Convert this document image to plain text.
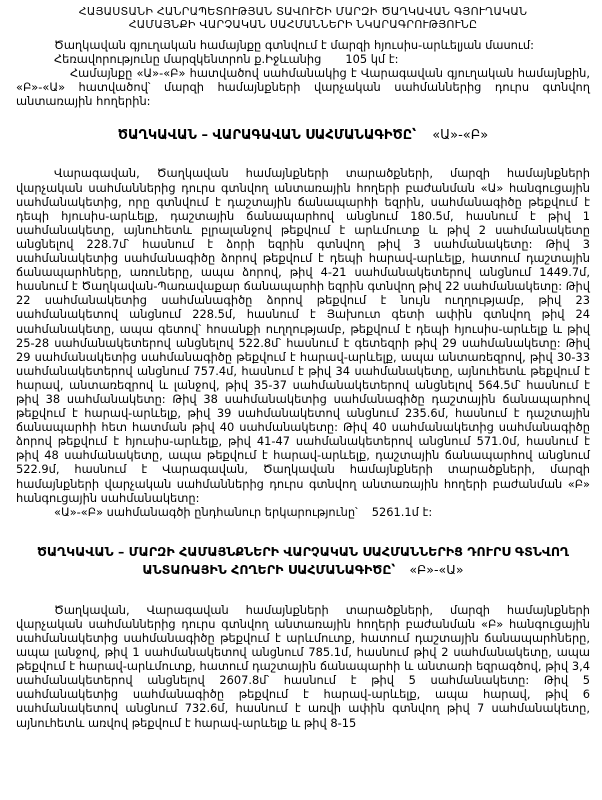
ՀԱՅԱՍՏԱՆԻ ՀԱՆՐԱՊԵՏՈՒԹՅԱՆ ՏԱՎՈՒՇԻ ՄԱՐԶԻ ԾԱՂԿԱՎԱՆ ԳՅՈՒՂԱԿԱՆ
ՀԱՄԱՅՆՔԻ ՎԱՐՉԱԿԱՆ ՍԱՀՄԱՆՆԵՐԻ ՆԿԱՐԱԳՐՈՒԹՅՈՒՆԸ

Ծաղկավան գյուղական համայնքը գտնվում է մարզի հյուսիս-արևելյան մասում:

Հեռավորությունը մարզկենտրոն ք.Իջևանից 105 կմ է:

Համայնքը «Ա»-«Բ» հատվածով սահմանակից է Վարագավան գյուղական համայնքին, «Բ»-«Ա» հատվածով՝ մարզի համայնքների վարչական սահմաններից դուրս գտնվող անտառային հողերին:

ԾԱՂԿԱՎԱՆ – ՎԱՐԱԳԱՎԱՆ ՍԱՀՄԱՆԱԳԻԾԸ՝ «Ա»-«Բ»

Վարագավան, Ծաղկավան համայնքների տարածքների, մարզի համայնքների վարչական սահմաններից դուրս գտնվող անտառային հողերի բաժանման «Ա» հանգուցային սահմանակետից, որը գտնվում է դաշտային ճանապարհի եզրին, սահմանագիծը թեքվում է դեպի հյուսիս-արևելք, դաշտային ճանապարհով անցնում 180.5մ, հասնում է թիվ 1 սահմանակետը, այնուհետև բլրալանջով թեքվում է արևմուտք և թիվ 2 սահմանակետը անցնելով 228.7մ՝ հասնում է ձորի եզրին գտնվող թիվ 3 սահմանակետը: Թիվ 3 սահմանակետից սահմանագիծը ձորով թեքվում է դեպի հարավ-արևելք, հատում դաշտային ճանապարհները, առուները, ապա ձորով, թիվ 4-21 սահմանակետերով անցնում 1449.7մ, հասնում է Ծաղկավան-Պառավաքար ճանապարհի եզրին գտնվող թիվ 22 սահմանակետը: Թիվ 22 սահմանակետից սահմանագիծը ձորով թեքվում է նույն ուղղությամբ, թիվ 23 սահմանակետով անցնում 228.5մ, հասնում է Յախուտ գետի ափին գտնվող թիվ 24 սահմանակետը, ապա գետով՝ հոսանքի ուղղությամբ, թեքվում է դեպի հյուսիս-արևելք և թիվ 25-28 սահմանակետերով անցնելով 522.8մ՝ հասնում է գետեզրի թիվ 29 սահմանակետը: Թիվ 29 սահմանակետից սահմանագիծը թեքվում է հարավ-արևելք, ապա անտառեզրով, թիվ 30-33 սահմանակետերով անցնում 757.4մ, հասնում է թիվ 34 սահմանակետը, այնուհետև թեքվում է հարավ, անտառեզրով և լանջով, թիվ 35-37 սահմանակետերով անցնելով 564.5մ՝ հասնում է թիվ 38 սահմանակետը: Թիվ 38 սահմանակետից սահմանագիծը դաշտային ճանապարհով թեքվում է հարավ-արևելք, թիվ 39 սահմանակետով անցնում 235.6մ, հասնում է դաշտային ճանապարհի հետ հատման թիվ 40 սահմանակետը: Թիվ 40 սահմանակետից սահմանագիծը ձորով թեքվում է հյուսիս-արևելք, թիվ 41-47 սահմանակետերով անցնում 571.0մ, հասնում է թիվ 48 սահմանակետը, ապա թեքվում է հարավ-արևելք, դաշտային ճանապարհով անցնում 522.9մ, հասնում է Վարագավան, Ծաղկավան համայնքների տարածքների, մարզի համայնքների վարչական սահմաններից դուրս գտնվող անտառային հողերի բաժանման «Բ» հանգուցային սահմանակետը:

«Ա»-«Բ» սահմանագծի ընդհանուր երկարությունը՝ 5261.1մ է:

ԾԱՂԿԱՎԱՆ – ՄԱՐԶԻ ՀԱՄԱՅՆՔՆԵՐԻ ՎԱՐՉԱԿԱՆ ՍԱՀՄԱՆՆԵՐԻՑ ԴՈՒՐՍ ԳՏՆՎՈՂ
ԱՆՏԱՌԱՅԻՆ ՀՈՂԵՐԻ ՍԱՀՄԱՆԱԳԻԾԸ՝ «Բ»-«Ա»

Ծաղկավան, Վարագավան համայնքների տարածքների, մարզի համայնքների վարչական սահմաններից դուրս գտնվող անտառային հողերի բաժանման «Բ» հանգուցային սահմանակետից սահմանագիծը թեքվում է արևմուտք, հատում դաշտային ճանապարհները, ապա լանջով, թիվ 1 սահմանակետով անցնում 785.1մ, հասնում թիվ 2 սահմանակետը, ապա թեքվում է հարավ-արևմուտք, հատում դաշտային ճանապարհի և անտառի եզրագծով, թիվ 3,4 սահմանակետերով անցնելով 2607.8մ՝ հասնում է թիվ 5 սահմանակետը: Թիվ 5 սահմանակետից սահմանագիծը թեքվում է հարավ-արևելք, ապա հարավ, թիվ 6 սահմանակետով անցնում 732.6մ, հասնում է առվի ափին գտնվող թիվ 7 սահմանակետը, այնուհետև առվով թեքվում է հարավ-արևելք և թիվ 8-15
